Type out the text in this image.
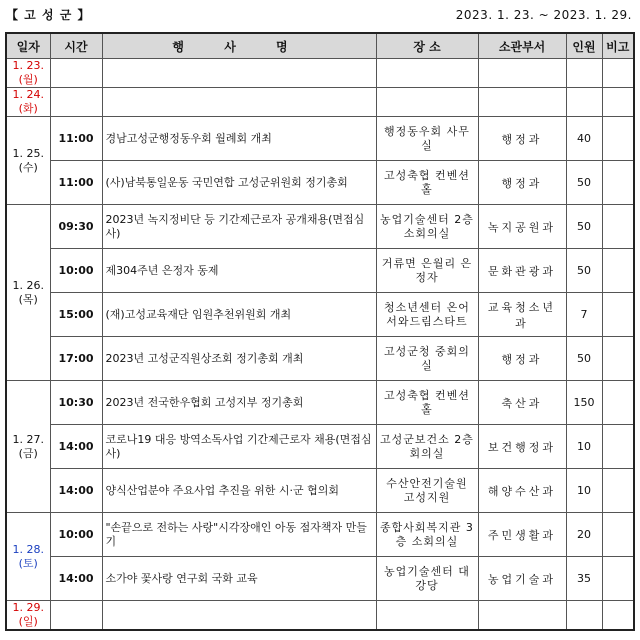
【 고 성 군 】	2023. 1. 23. ~ 2023. 1. 29.
일자	시간	행 사 명	장 소	소관부서	인원	비고

1. 23.
(월)						

1. 24.
(화)						

1. 25.
(수)	11:00	경남고성군행정동우회 월례회 개최	행정동우회 사무실	행정과	40	
	11:00	(사)남북통일운동 국민연합 고성군위원회 정기총회	고성축협 컨벤션홀	행정과	50	

1. 26.
(목)	09:30	2023년 녹지정비단 등 기간제근로자 공개채용(면접심사)	농업기술센터 2층 소회의실	녹지공원과	50	
	10:00	제304주년 은정자 동제	거류면 은월리 은정자	문화관광과	50	
	15:00	(재)고성교육재단 임원추천위원회 개최	청소년센터 온어서와드림스타트	교육청소년과	7	
	17:00	2023년 고성군직원상조회 정기총회 개최	고성군청 중회의실	행정과	50	

1. 27.
(금)	10:30	2023년 전국한우협회 고성지부 정기총회	고성축협 컨벤션홀	축산과	150	
	14:00	코로나19 대응 방역소독사업 기간제근로자 채용(면접심사)	고성군보건소 2층 회의실	보건행정과	10	
	14:00	양식산업분야 주요사업 추진을 위한 시·군 협의회	수산안전기술원 고성지원	해양수산과	10	

1. 28.
(토)	10:00	"손끝으로 전하는 사랑"시각장애인 아동 점자책자 만들기	종합사회복지관 3층 소회의실	주민생활과	20	
	14:00	소가야 꽃사랑 연구회 국화 교육	농업기술센터 대강당	농업기술과	35	

1. 29.
(일)						
